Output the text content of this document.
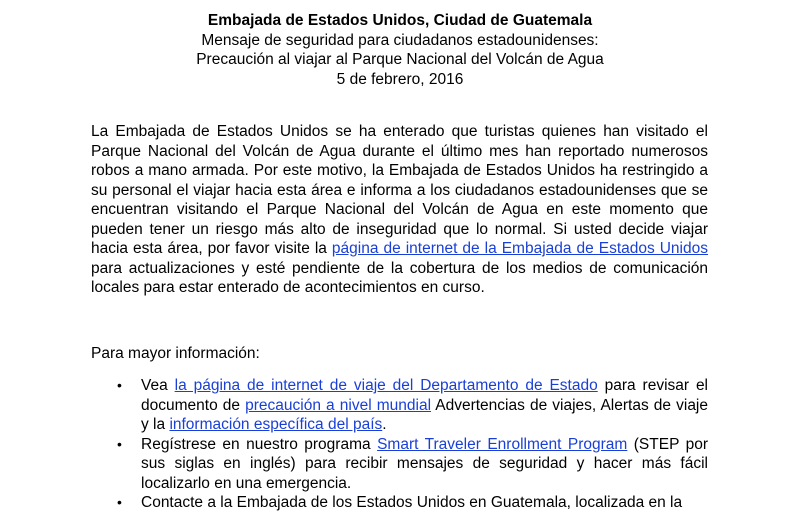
Embajada de Estados Unidos, Ciudad de Guatemala
Mensaje de seguridad para ciudadanos estadounidenses:
Precaución al viajar al Parque Nacional del Volcán de Agua
5 de febrero, 2016
La Embajada de Estados Unidos se ha enterado que turistas quienes han visitado el Parque Nacional del Volcán de Agua durante el último mes han reportado numerosos robos a mano armada. Por este motivo, la Embajada de Estados Unidos ha restringido a su personal el viajar hacia esta área e informa a los ciudadanos estadounidenses que se encuentran visitando el Parque Nacional del Volcán de Agua en este momento que pueden tener un riesgo más alto de inseguridad que lo normal. Si usted decide viajar hacia esta área, por favor visite la página de internet de la Embajada de Estados Unidos para actualizaciones y esté pendiente de la cobertura de los medios de comunicación locales para estar enterado de acontecimientos en curso.
Para mayor información:
• Vea la página de internet de viaje del Departamento de Estado para revisar el documento de precaución a nivel mundial Advertencias de viajes, Alertas de viaje y la información específica del país.
• Regístrese en nuestro programa Smart Traveler Enrollment Program (STEP por sus siglas en inglés) para recibir mensajes de seguridad y hacer más fácil localizarlo en una emergencia.
• Contacte a la Embajada de los Estados Unidos en Guatemala, localizada en la
